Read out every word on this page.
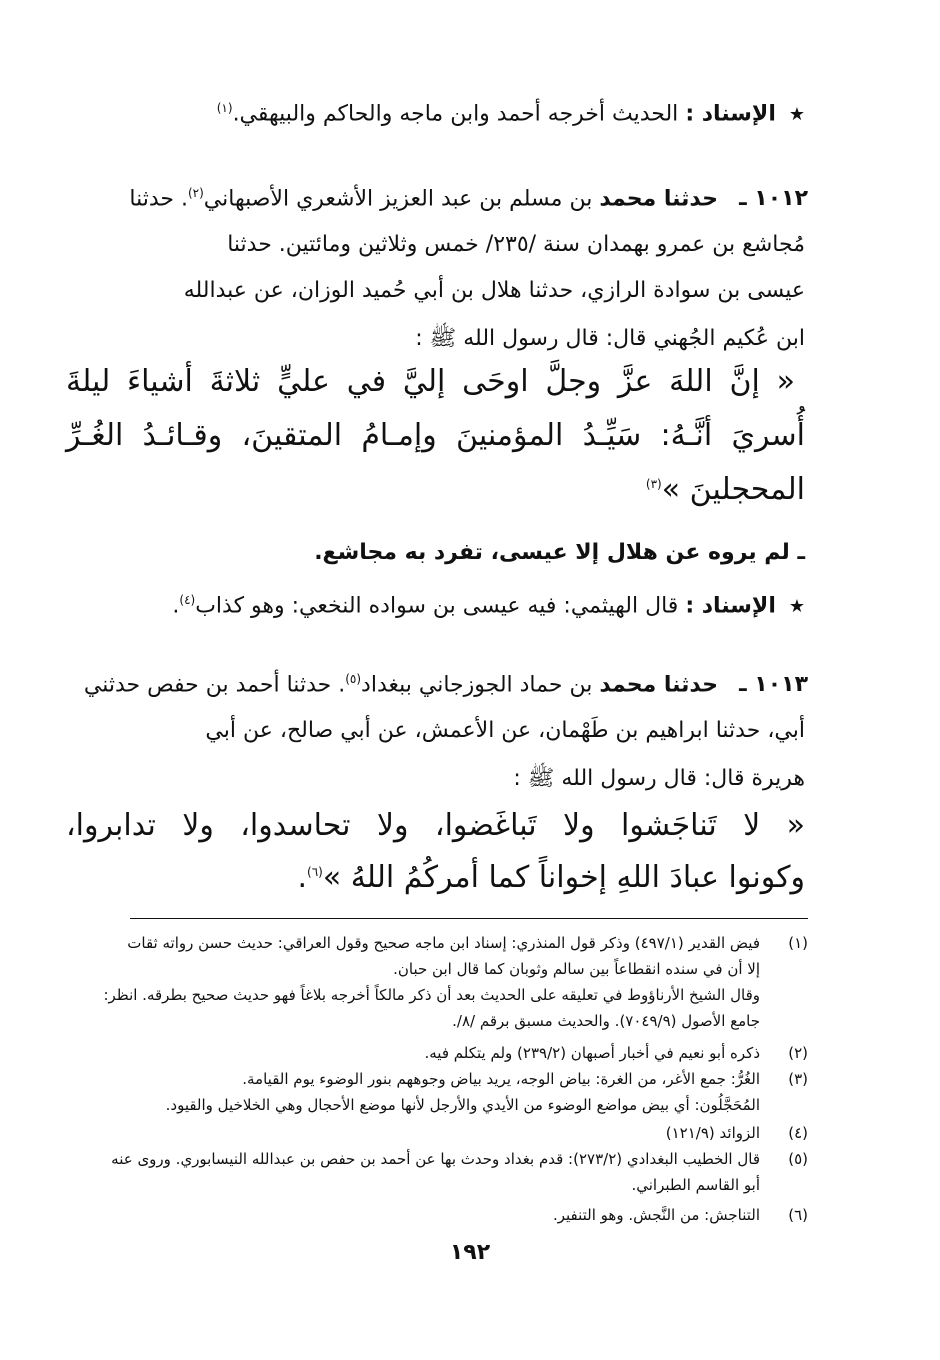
★ الإسناد : الحديث أخرجه أحمد وابن ماجه والحاكم والبيهقي.$^{(١)}$
١٠١٢ ـ
حدثنا محمد بن مسلم بن عبد العزيز الأشعري الأصبهاني$^{(٢)}$. حدثنا
مُجاشع بن عمرو بهمدان سنة /٢٣٥/ خمس وثلاثين ومائتين. حدثنا
عيسى بن سوادة الرازي، حدثنا هلال بن أبي حُميد الوزان، عن عبدالله
ابن عُكيم الجُهني قال: قال رسول الله ﷺ :
« إنَّ اللهَ عزَّ وجلَّ اوحَى إليَّ في عليٍّ ثلاثةَ أشياءَ ليلةَ
أُسريَ أنَّـهُ: سَيِّـدُ المؤمنينَ وإمـامُ المتقينَ، وقـائـدُ الغُـرِّ
المحجلينَ »$^{(٣)}$
ـ لم يروه عن هلال إلا عيسى، تفرد به مجاشع.
★ الإسناد : قال الهيثمي: فيه عيسى بن سواده النخعي: وهو كذاب$^{(٤)}$.
١٠١٣ ـ
حدثنا محمد بن حماد الجوزجاني ببغداد$^{(٥)}$. حدثنا أحمد بن حفص حدثني
أبي، حدثنا ابراهيم بن طَهْمان، عن الأعمش، عن أبي صالح، عن أبي
هريرة قال: قال رسول الله ﷺ :
« لا تَناجَشوا ولا تَباغَضوا، ولا تحاسدوا، ولا تدابروا،
وكونوا عبادَ اللهِ إخواناً كما أمركُمُ اللهُ »$^{(٦)}$.
(١)
فيض القدير (٤٩٧/١) وذكر قول المنذري: إسناد ابن ماجه صحيح وقول العراقي: حديث حسن رواته ثقات
إلا أن في سنده انقطاعاً بين سالم وثوبان كما قال ابن حبان.
وقال الشيخ الأرناؤوط في تعليقه على الحديث بعد أن ذكر مالكاً أخرجه بلاغاً فهو حديث صحيح بطرقه. انظر:
جامع الأصول (٧٠٤٩/٩). والحديث مسبق برقم /٨/.
(٢)
ذكره أبو نعيم في أخبار أصبهان (٢٣٩/٢) ولم يتكلم فيه.
(٣)
الغُرُّ: جمع الأغر، من الغرة: بياض الوجه، يريد بياض وجوههم بنور الوضوء يوم القيامة.
المُحَجَّلُون: أي بيض مواضع الوضوء من الأيدي والأرجل لأنها موضع الأحجال وهي الخلاخيل والقيود.
(٤)
الزوائد (١٢١/٩)
(٥)
قال الخطيب البغدادي (٢٧٣/٢): قدم بغداد وحدث بها عن أحمد بن حفص بن عبدالله النيسابوري. وروى عنه
أبو القاسم الطبراني.
(٦)
التناجش: من النَّجش. وهو التنفير.
١٩٢
